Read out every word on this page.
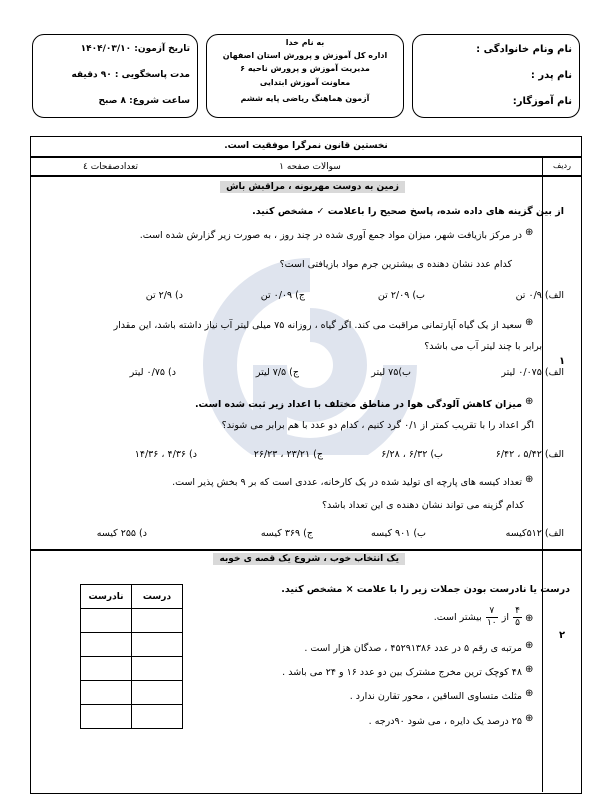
نام ونام خانوادگی :
نام پدر :
نام آموزگار:
به نام خدا
اداره کل آموزش و پرورش استان اصفهان
مدیریت آموزش و پرورش ناحیه ۶
معاونت آموزش ابتدایی
آزمون هماهنگ ریاضی پایه ششم
تاریخ آزمون: ۱۴۰۴/۰۳/۱۰
مدت پاسخگویی : ۹۰ دقیقه
ساعت شروع: ۸ صبح
نخستین قانون نمرگرا موفقیت است.
ردیف
سوالات صفحه ۱
تعدادصفحات ٤
۱
زمین به دوست مهربونه ، مراقبش باش
از بین گزینه های داده شده، پاسخ صحیح را باعلامت ✓ مشخص کنید.
⊕
در مرکز بازیافت شهر، میزان مواد جمع آوری شده در چند روز ، به صورت زیر گزارش شده است.
کدام عدد نشان دهنده ی بیشترین جرم مواد بازیافتی است؟
الف) ۰/۹ تن
ب) ۲/۰۹ تن
ج) ۰/۰۹ تن
د) ۲/۹ تن
⊕
سعید از یک گیاه آپارتمانی مراقبت می کند. اگر گیاه ، روزانه ۷۵ میلی لیتر آب نیاز داشته باشد، این مقدار
برابر با چند لیتر آب می باشد؟
الف) ۰/۰۷۵ لیتر
ب)۷۵ لیتر
ج) ۷/۵ لیتر
د) ۰/۷۵ لیتر
⊕
میزان کاهش آلودگی هوا در مناطق مختلف با اعداد زیر ثبت شده است.
اگر اعداد را با تقریب کمتر از ۰/۱ گرد کنیم ، کدام دو عدد با هم برابر می شوند؟
الف) ۵/۴۲ ، ۶/۴۲
ب) ۶/۳۲ ، ۶/۲۸
ج) ۲۳/۲۱ ، ۲۶/۲۳
د) ۴/۳۶ ، ۱۴/۳۶
⊕
تعداد کیسه های پارچه ای تولید شده در یک کارخانه، عددی است که بر ۹ بخش پذیر است.
کدام گزینه می تواند نشان دهنده ی این تعداد باشد؟
الف) ۵۱۲کیسه
ب) ۹۰۱ کیسه
ج) ۳۶۹ کیسه
د) ۲۵۵ کیسه
۲
یک انتخاب خوب ، شروع یک قصه ی خوبه
درست یا نادرست بودن جملات زیر را با علامت × مشخص کنید.
نادرست	درست

⊕
۴
۵
از
۷
۱۰
بیشتر است.
⊕
مرتبه ی رقم ۵ در عدد ۴۵۲۹۱۳۸۶ ، صدگان هزار است .
⊕
۴۸ کوچک ترین مخرج مشترک بین دو عدد ۱۶ و ۲۴ می باشد .
⊕
مثلث متساوی الساقین ، محور تقارن ندارد .
⊕
۲۵ درصد یک دایره ، می شود ۹۰درجه .
